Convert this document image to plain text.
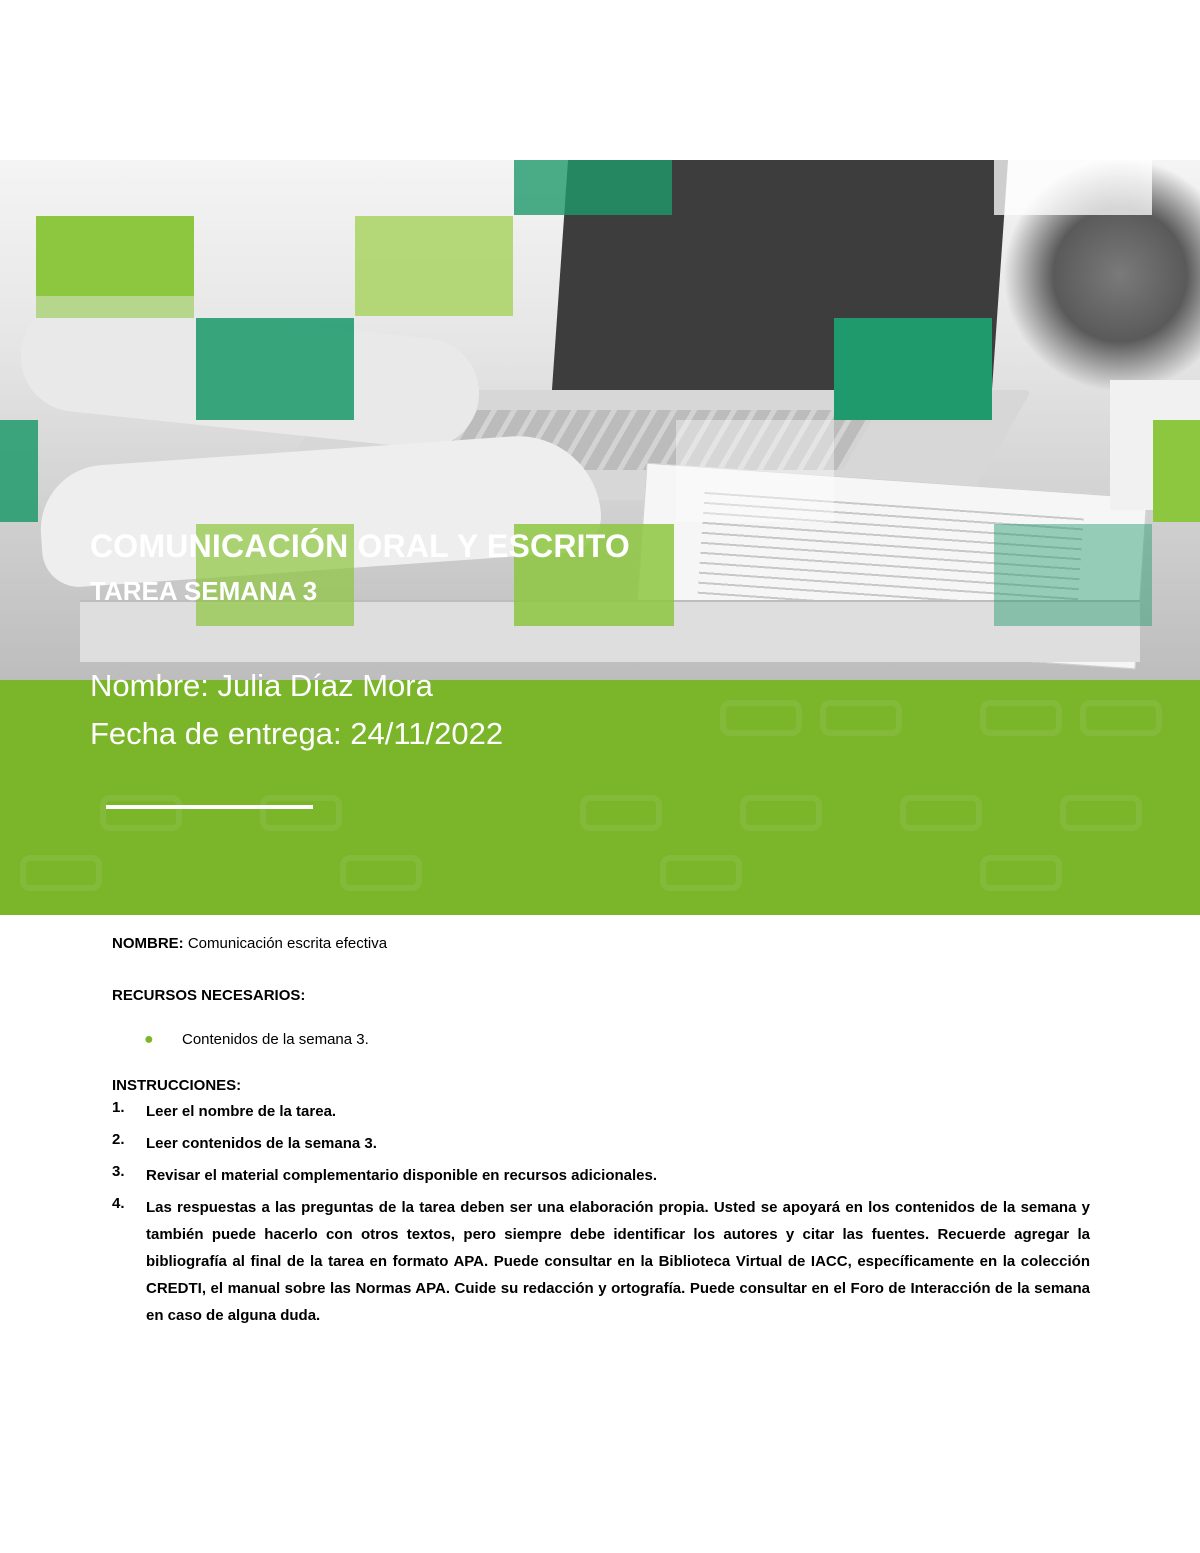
COMUNICACIÓN ORAL Y ESCRITO
TAREA SEMANA 3

Nombre: Julia Díaz Mora

Fecha de entrega: 24/11/2022

NOMBRE: Comunicación escrita efectiva
RECURSOS NECESARIOS:
●	Contenidos de la semana 3.
INSTRUCCIONES:
1.	Leer el nombre de la tarea.
2.	Leer contenidos de la semana 3.
3.	Revisar el material complementario disponible en recursos adicionales.
4.	Las respuestas a las preguntas de la tarea deben ser una elaboración propia. Usted se apoyará en los contenidos de la semana y también puede hacerlo con otros textos, pero siempre debe identificar los autores y citar las fuentes. Recuerde agregar la bibliografía al final de la tarea en formato APA. Puede consultar en la Biblioteca Virtual de IACC, específicamente en la colección CREDTI, el manual sobre las Normas APA. Cuide su redacción y ortografía. Puede consultar en el Foro de Interacción de la semana en caso de alguna duda.
